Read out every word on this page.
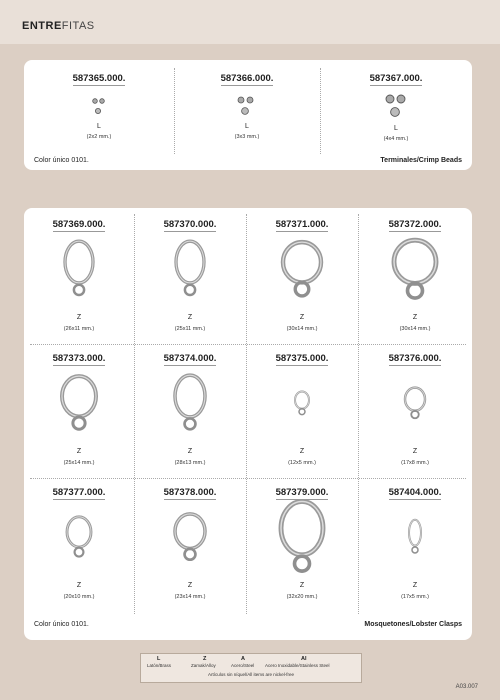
ENTREFITAS
587365.000.
L
(2x2 mm.)
587366.000.
L
(3x3 mm.)
587367.000.
L
(4x4 mm.)
Color único 0101.	Terminales/Crimp Beads
587369.000.
Z
(26x11 mm.)
587370.000.
Z
(25x11 mm.)
587371.000.
Z
(30x14 mm.)
587372.000.
Z
(30x14 mm.)
587373.000.
Z
(25x14 mm.)
587374.000.
Z
(28x13 mm.)
587375.000.
Z
(12x5 mm.)
587376.000.
Z
(17x8 mm.)
587377.000.
Z
(20x10 mm.)
587378.000.
Z
(23x14 mm.)
587379.000.
Z
(32x20 mm.)
587404.000.
Z
(17x5 mm.)
Color único 0101.	Mosquetones/Lobster Clasps
L
Latón/Brass
Z
Zamak/Alloy
A
Acero/Steel
AI
Acero Inoxidable/Stainless Steel
Artículos sin níquel/All items are nickel-free
A03.007
